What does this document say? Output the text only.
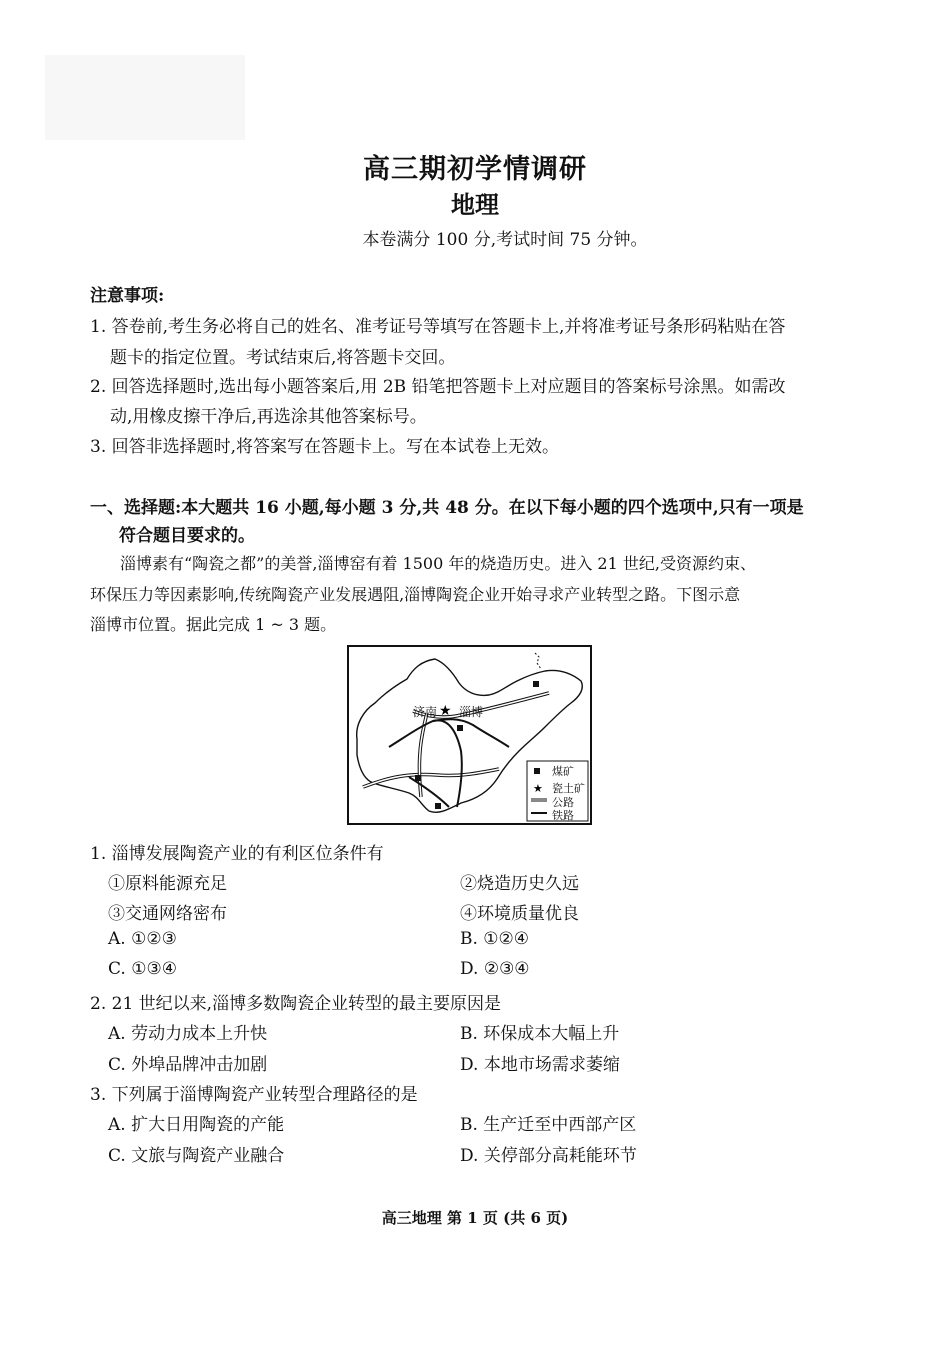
高三期初学情调研
地理
本卷满分 100 分,考试时间 75 分钟。
注意事项:
1. 答卷前,考生务必将自己的姓名、准考证号等填写在答题卡上,并将准考证号条形码粘贴在答
题卡的指定位置。考试结束后,将答题卡交回。
2. 回答选择题时,选出每小题答案后,用 2B 铅笔把答题卡上对应题目的答案标号涂黑。如需改
动,用橡皮擦干净后,再选涂其他答案标号。
3. 回答非选择题时,将答案写在答题卡上。写在本试卷上无效。
一、选择题:本大题共 16 小题,每小题 3 分,共 48 分。在以下每小题的四个选项中,只有一项是
符合题目要求的。
淄博素有“陶瓷之都”的美誉,淄博窑有着 1500 年的烧造历史。进入 21 世纪,受资源约束、
环保压力等因素影响,传统陶瓷产业发展遇阻,淄博陶瓷企业开始寻求产业转型之路。下图示意
淄博市位置。据此完成 1 ~ 3 题。
★
★
济南 淄博
煤矿
瓷土矿
公路
铁路
1. 淄博发展陶瓷产业的有利区位条件有
①原料能源充足	②烧造历史久远
③交通网络密布	④环境质量优良
A. ①②③	B. ①②④
C. ①③④	D. ②③④
2. 21 世纪以来,淄博多数陶瓷企业转型的最主要原因是
A. 劳动力成本上升快	B. 环保成本大幅上升
C. 外埠品牌冲击加剧	D. 本地市场需求萎缩
3. 下列属于淄博陶瓷产业转型合理路径的是
A. 扩大日用陶瓷的产能	B. 生产迁至中西部产区
C. 文旅与陶瓷产业融合	D. 关停部分高耗能环节
高三地理 第 1 页 (共 6 页)
